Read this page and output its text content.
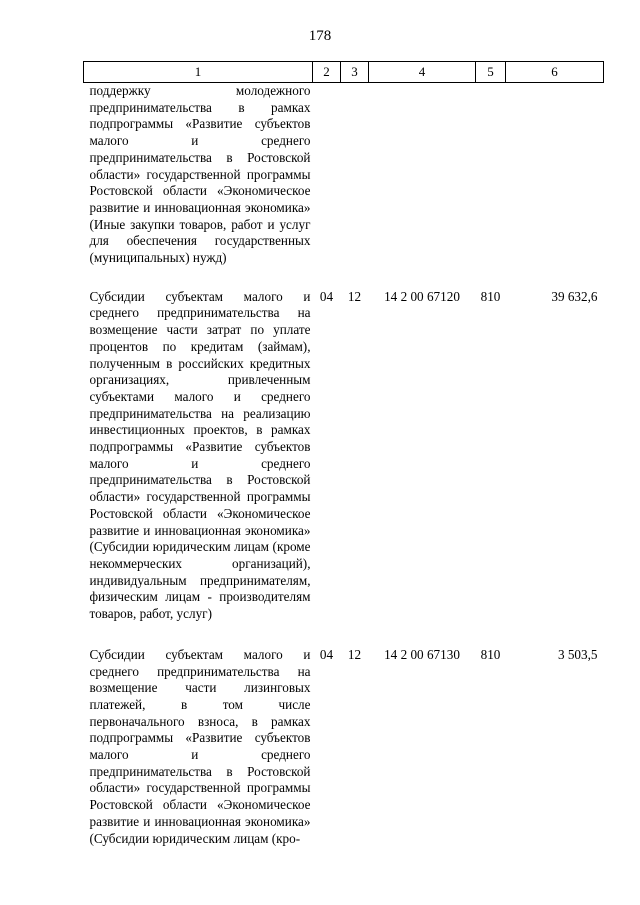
178
1	2	3	4	5	6
поддержку молодежного предпринимательства в рамках подпрограммы «Развитие субъектов малого и среднего предпринимательства в Ростовской области» государственной программы Ростовской области «Экономическое развитие и инновационная экономика» (Иные закупки товаров, работ и услуг для обеспечения государственных (муниципальных) нужд)					
Субсидии субъектам малого и среднего предпринимательства на возмещение части затрат по уплате процентов по кредитам (займам), полученным в российских кредитных организациях, привлеченным субъектами малого и среднего предпринимательства на реализацию инвестиционных проектов, в рамках подпрограммы «Развитие субъектов малого и среднего предпринимательства в Ростовской области» государственной программы Ростовской области «Экономическое развитие и инновационная экономика» (Субсидии юридическим лицам (кроме некоммерческих организаций), индивидуальным предпринимателям, физическим лицам - производителям товаров, работ, услуг)	04	12	14 2 00 67120	810	39 632,6
Субсидии субъектам малого и среднего предпринимательства на возмещение части лизинговых платежей, в том числе первоначального взноса, в рамках подпрограммы «Развитие субъектов малого и среднего предпринимательства в Ростовской области» государственной программы Ростовской области «Экономическое развитие и инновационная экономика» (Субсидии юридическим лицам (кро-	04	12	14 2 00 67130	810	3 503,5
